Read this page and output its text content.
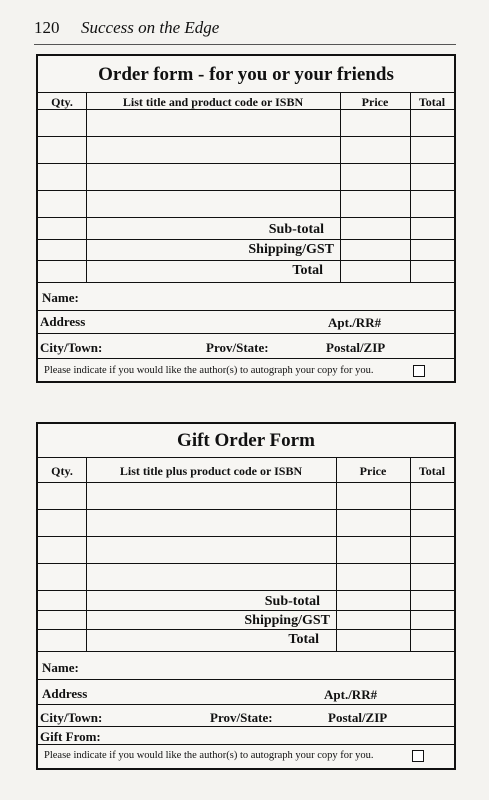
120 Success on the Edge
Order form - for you or your friends
Qty.	List title and product code or ISBN	Price	Total
Sub-total
Shipping/GST
Total
Name:
Address	Apt./RR#
City/Town:	Prov/State:	Postal/ZIP
Please indicate if you would like the author(s) to autograph your copy for you.
Gift Order Form
Qty.	List title plus product code or ISBN	Price	Total
Sub-total
Shipping/GST
Total
Name:
Address	Apt./RR#
City/Town:	Prov/State:	Postal/ZIP
Gift From:
Please indicate if you would like the author(s) to autograph your copy for you.
